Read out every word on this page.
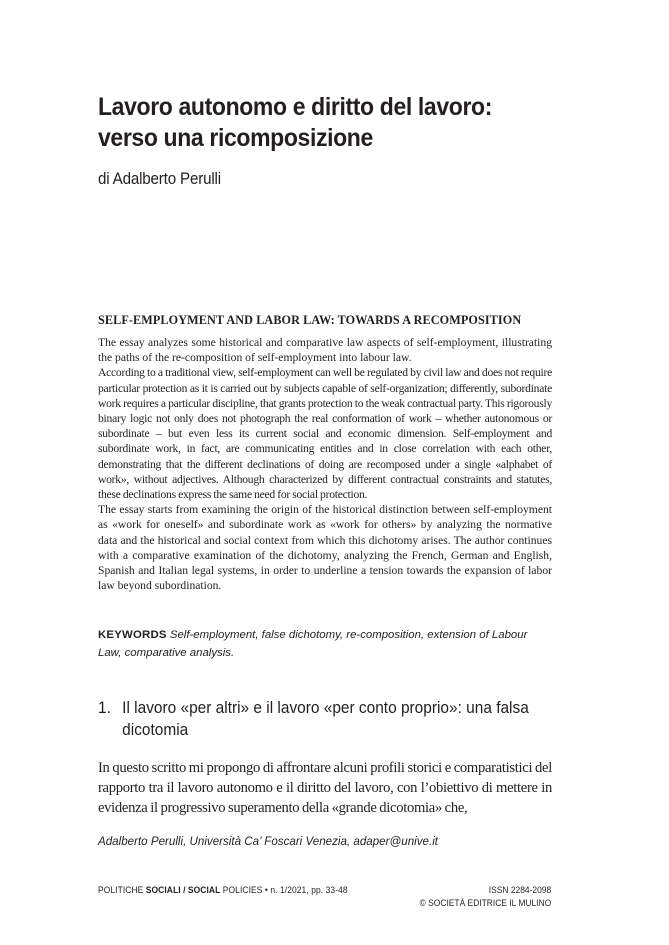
Lavoro autonomo e diritto del lavoro:
verso una ricomposizione
di Adalberto Perulli
SELF-EMPLOYMENT AND LABOR LAW: TOWARDS A RECOMPOSITION

The essay analyzes some historical and comparative law aspects of self-employment, illustrating the paths of the re-composition of self-employment into labour law.

According to a traditional view, self-employment can well be regulated by civil law and does not require particular protection as it is carried out by subjects capable of self-organization; differently, subordinate work requires a particular discipline, that grants protection to the weak contractual party. This rigorously binary logic not only does not photograph the real conformation of work – whether autonomous or subordinate – but even less its current social and economic dimension. Self-employment and subordinate work, in fact, are communicating entities and in close correlation with each other, demonstrating that the different declinations of doing are recomposed under a single «alphabet of work», without adjectives. Although characterized by different contractual constraints and statutes, these declinations express the same need for social protection.

The essay starts from examining the origin of the historical distinction between self-employment as «work for oneself» and subordinate work as «work for others» by analyzing the normative data and the historical and social context from which this dichotomy arises. The author continues with a comparative examination of the dichotomy, analyzing the French, German and English, Spanish and Italian legal systems, in order to underline a tension towards the expansion of labor law beyond subordination.

KEYWORDS Self-employment, false dichotomy, re-composition, extension of Labour Law, comparative analysis.
1. Il lavoro «per altri» e il lavoro «per conto proprio»: una falsa dicotomia

In questo scritto mi propongo di affrontare alcuni profili storici e comparatistici del rapporto tra il lavoro autonomo e il diritto del lavoro, con l’obiettivo di mettere in evidenza il progressivo superamento della «grande dicotomia» che,

Adalberto Perulli, Università Ca’ Foscari Venezia, adaper@unive.it
POLITICHE SOCIALI / SOCIAL POLICIES • n. 1/2021, pp. 33-48	ISSN 2284-2098
© SOCIETÀ EDITRICE IL MULINO
